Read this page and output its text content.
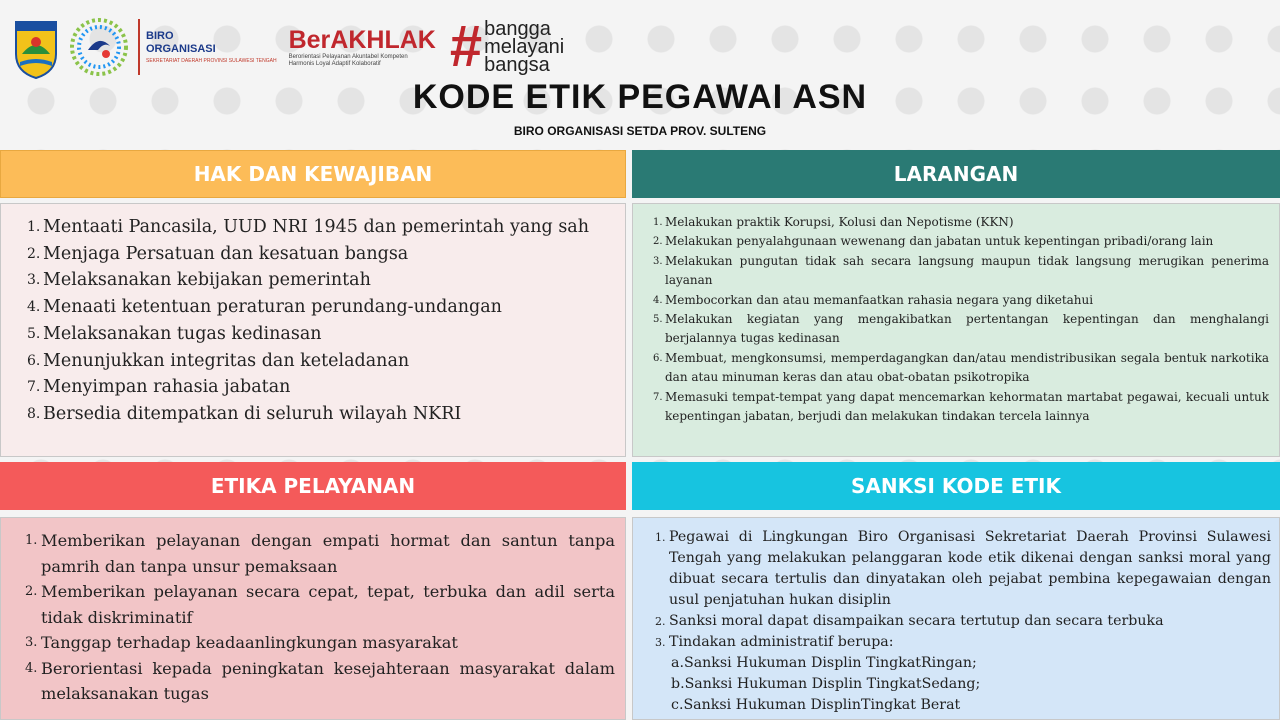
BIRO
ORGANISASI
SEKRETARIAT DAERAH PROVINSI SULAWESI TENGAH
BerAKHLAK
Berorientasi Pelayanan Akuntabel Kompeten Harmonis Loyal Adaptif Kolaboratif	# bangga
melayani
bangsa
KODE ETIK PEGAWAI ASN
BIRO ORGANISASI SETDA PROV. SULTENG
HAK DAN KEWAJIBAN
1. Mentaati Pancasila, UUD NRI 1945 dan pemerintah yang sah
2. Menjaga Persatuan dan kesatuan bangsa
3. Melaksanakan kebijakan pemerintah
4. Menaati ketentuan peraturan perundang-undangan
5. Melaksanakan tugas kedinasan
6. Menunjukkan integritas dan keteladanan
7. Menyimpan rahasia jabatan
8. Bersedia ditempatkan di seluruh wilayah NKRI
LARANGAN
1. Melakukan praktik Korupsi, Kolusi dan Nepotisme (KKN)
2. Melakukan penyalahgunaan wewenang dan jabatan untuk kepentingan pribadi/orang lain
3. Melakukan pungutan tidak sah secara langsung maupun tidak langsung merugikan penerima layanan
4. Membocorkan dan atau memanfaatkan rahasia negara yang diketahui
5. Melakukan kegiatan yang mengakibatkan pertentangan kepentingan dan menghalangi berjalannya tugas kedinasan
6. Membuat, mengkonsumsi, memperdagangkan dan/atau mendistribusikan segala bentuk narkotika dan atau minuman keras dan atau obat-obatan psikotropika
7. Memasuki tempat-tempat yang dapat mencemarkan kehormatan martabat pegawai, kecuali untuk kepentingan jabatan, berjudi dan melakukan tindakan tercela lainnya
ETIKA PELAYANAN
1. Memberikan pelayanan dengan empati hormat dan santun tanpa pamrih dan tanpa unsur pemaksaan
2. Memberikan pelayanan secara cepat, tepat, terbuka dan adil serta tidak diskriminatif
3. Tanggap terhadap keadaanlingkungan masyarakat
4. Berorientasi kepada peningkatan kesejahteraan masyarakat dalam melaksanakan tugas
SANKSI KODE ETIK
1. Pegawai di Lingkungan Biro Organisasi Sekretariat Daerah Provinsi Sulawesi Tengah yang melakukan pelanggaran kode etik dikenai dengan sanksi moral yang dibuat secara tertulis dan dinyatakan oleh pejabat pembina kepegawaian dengan usul penjatuhan hukan disiplin
2. Sanksi moral dapat disampaikan secara tertutup dan secara terbuka
3. Tindakan administratif berupa:
a.Sanksi Hukuman Displin TingkatRingan;
b.Sanksi Hukuman Displin TingkatSedang;
c.Sanksi Hukuman DisplinTingkat Berat
